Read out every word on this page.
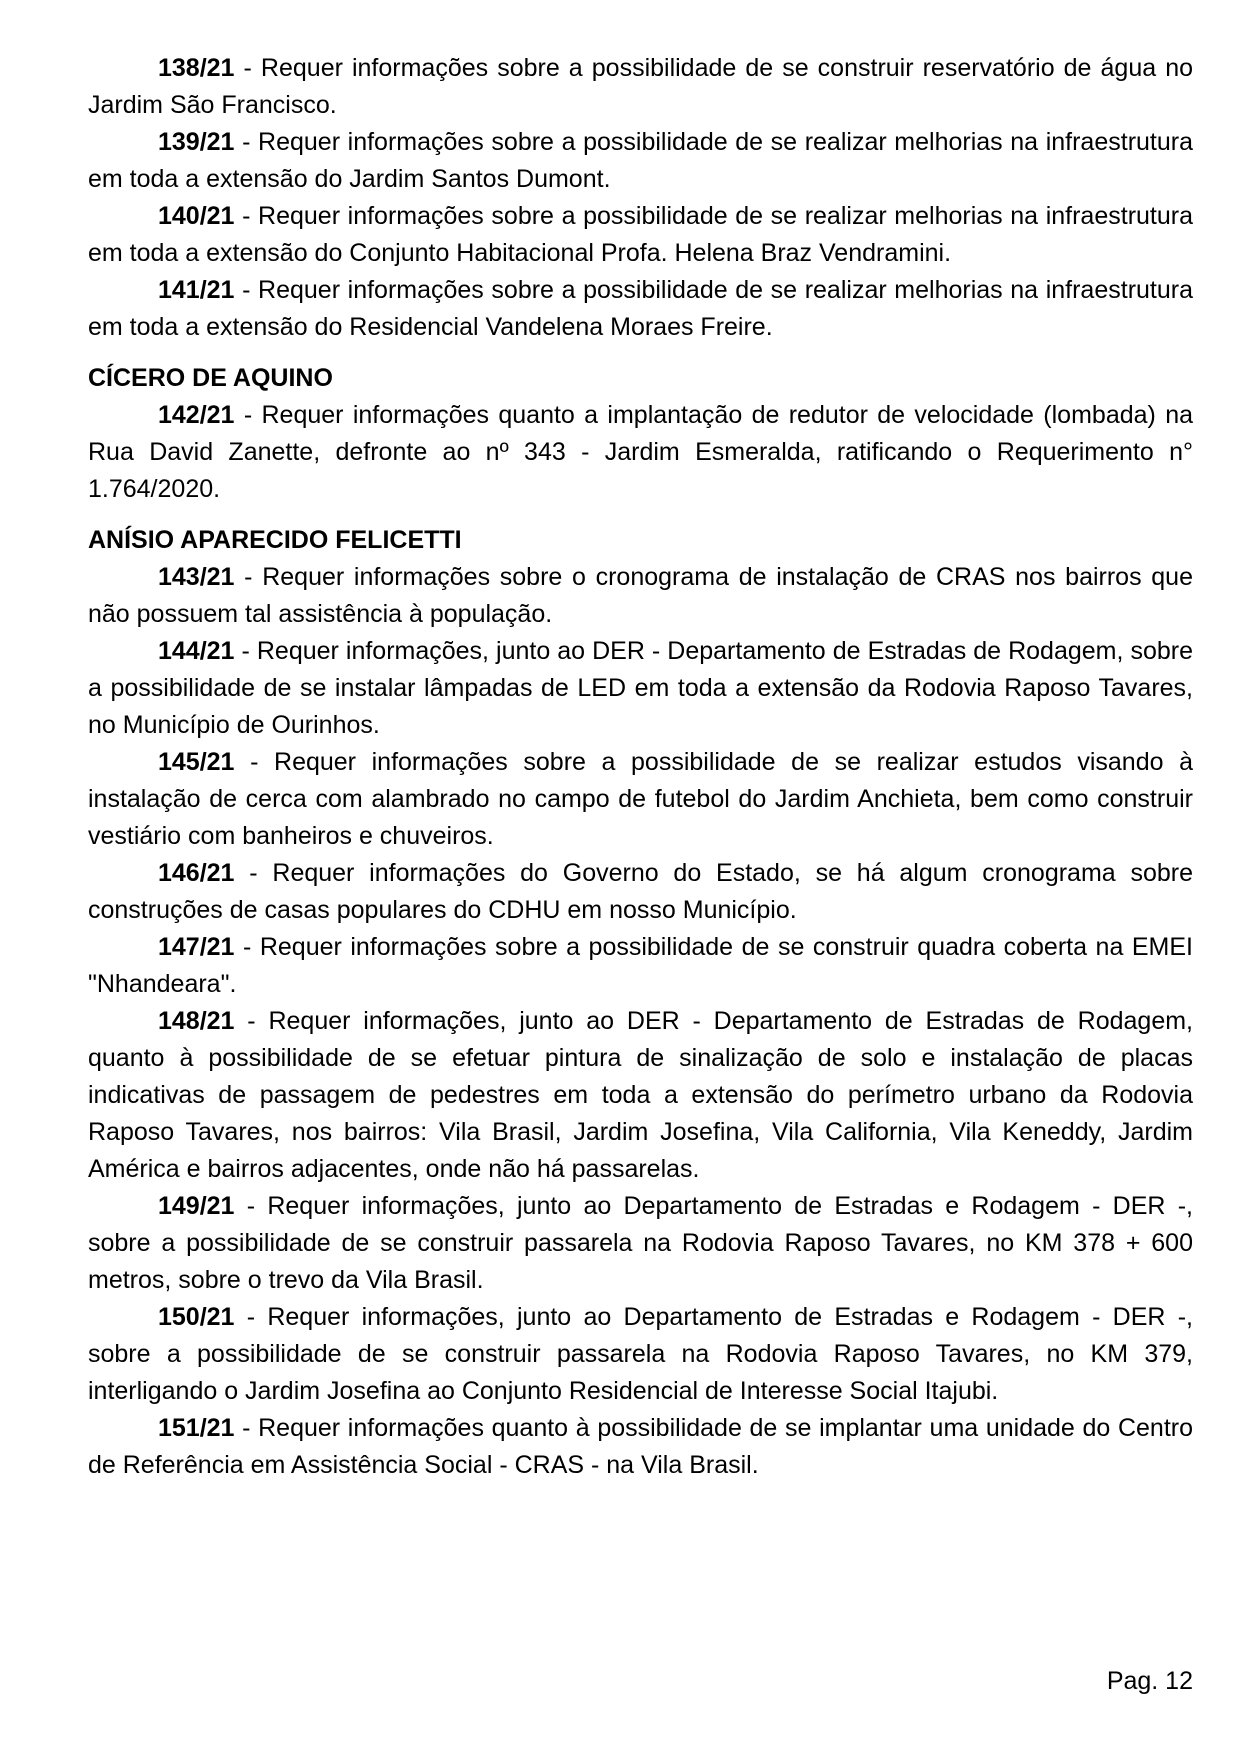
138/21 - Requer informações sobre a possibilidade de se construir reservatório de água no Jardim São Francisco.

139/21 - Requer informações sobre a possibilidade de se realizar melhorias na infraestrutura em toda a extensão do Jardim Santos Dumont.

140/21 - Requer informações sobre a possibilidade de se realizar melhorias na infraestrutura em toda a extensão do Conjunto Habitacional Profa. Helena Braz Vendramini.

141/21 - Requer informações sobre a possibilidade de se realizar melhorias na infraestrutura em toda a extensão do Residencial Vandelena Moraes Freire.

CÍCERO DE AQUINO

142/21 - Requer informações quanto a implantação de redutor de velocidade (lombada) na Rua David Zanette, defronte ao nº 343 - Jardim Esmeralda, ratificando o Requerimento n° 1.764/2020.

ANÍSIO APARECIDO FELICETTI

143/21 - Requer informações sobre o cronograma de instalação de CRAS nos bairros que não possuem tal assistência à população.

144/21 - Requer informações, junto ao DER - Departamento de Estradas de Rodagem, sobre a possibilidade de se instalar lâmpadas de LED em toda a extensão da Rodovia Raposo Tavares, no Município de Ourinhos.

145/21 - Requer informações sobre a possibilidade de se realizar estudos visando à instalação de cerca com alambrado no campo de futebol do Jardim Anchieta, bem como construir vestiário com banheiros e chuveiros.

146/21 - Requer informações do Governo do Estado, se há algum cronograma sobre construções de casas populares do CDHU em nosso Município.

147/21 - Requer informações sobre a possibilidade de se construir quadra coberta na EMEI "Nhandeara".

148/21 - Requer informações, junto ao DER - Departamento de Estradas de Rodagem, quanto à possibilidade de se efetuar pintura de sinalização de solo e instalação de placas indicativas de passagem de pedestres em toda a extensão do perímetro urbano da Rodovia Raposo Tavares, nos bairros: Vila Brasil, Jardim Josefina, Vila California, Vila Keneddy, Jardim América e bairros adjacentes, onde não há passarelas.

149/21 - Requer informações, junto ao Departamento de Estradas e Rodagem - DER -, sobre a possibilidade de se construir passarela na Rodovia Raposo Tavares, no KM 378 + 600 metros, sobre o trevo da Vila Brasil.

150/21 - Requer informações, junto ao Departamento de Estradas e Rodagem - DER -, sobre a possibilidade de se construir passarela na Rodovia Raposo Tavares, no KM 379, interligando o Jardim Josefina ao Conjunto Residencial de Interesse Social Itajubi.

151/21 - Requer informações quanto à possibilidade de se implantar uma unidade do Centro de Referência em Assistência Social - CRAS - na Vila Brasil.

Pag. 12
